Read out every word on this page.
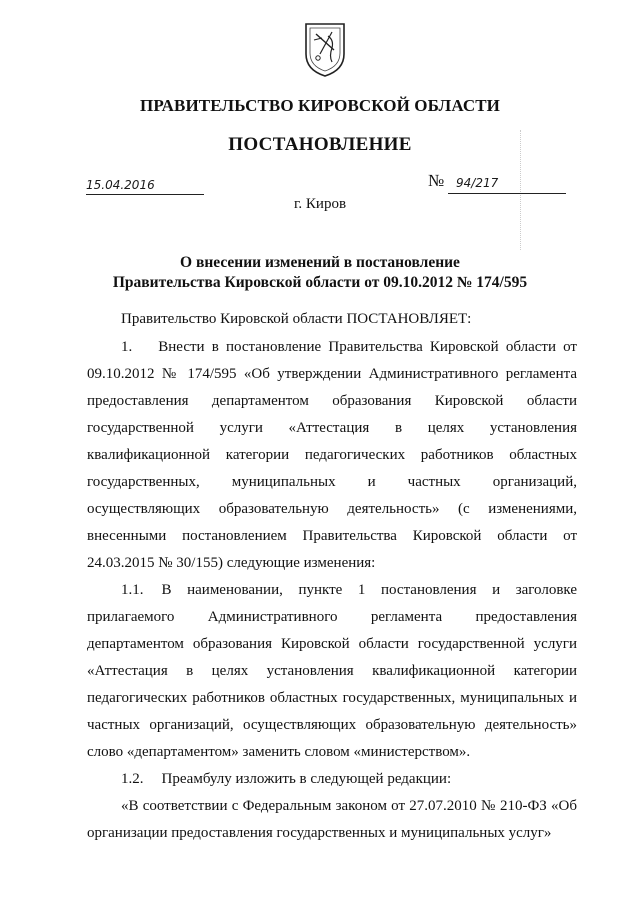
ПРАВИТЕЛЬСТВО КИРОВСКОЙ ОБЛАСТИ
ПОСТАНОВЛЕНИЕ
15.04.2016	№ 94/217
г. Киров
О внесении изменений в постановление
Правительства Кировской области от 09.10.2012 № 174/595

Правительство Кировской области ПОСТАНОВЛЯЕТ:

1. Внести в постановление Правительства Кировской области от 09.10.2012 № 174/595 «Об утверждении Административного регламента предоставления департаментом образования Кировской области государственной услуги «Аттестация в целях установления квалификационной категории педагогических работников областных государственных, муниципальных и частных организаций, осуществляющих образовательную деятельность» (с изменениями, внесенными постановлением Правительства Кировской области от 24.03.2015 № 30/155) следующие изменения:

1.1. В наименовании, пункте 1 постановления и заголовке прилагаемого Административного регламента предоставления департаментом образования Кировской области государственной услуги «Аттестация в целях установления квалификационной категории педагогических работников областных государственных, муниципальных и частных организаций, осуществляющих образовательную деятельность» слово «департаментом» заменить словом «министерством».

1.2. Преамбулу изложить в следующей редакции:

«В соответствии с Федеральным законом от 27.07.2010 № 210-ФЗ «Об организации предоставления государственных и муниципальных услуг»
